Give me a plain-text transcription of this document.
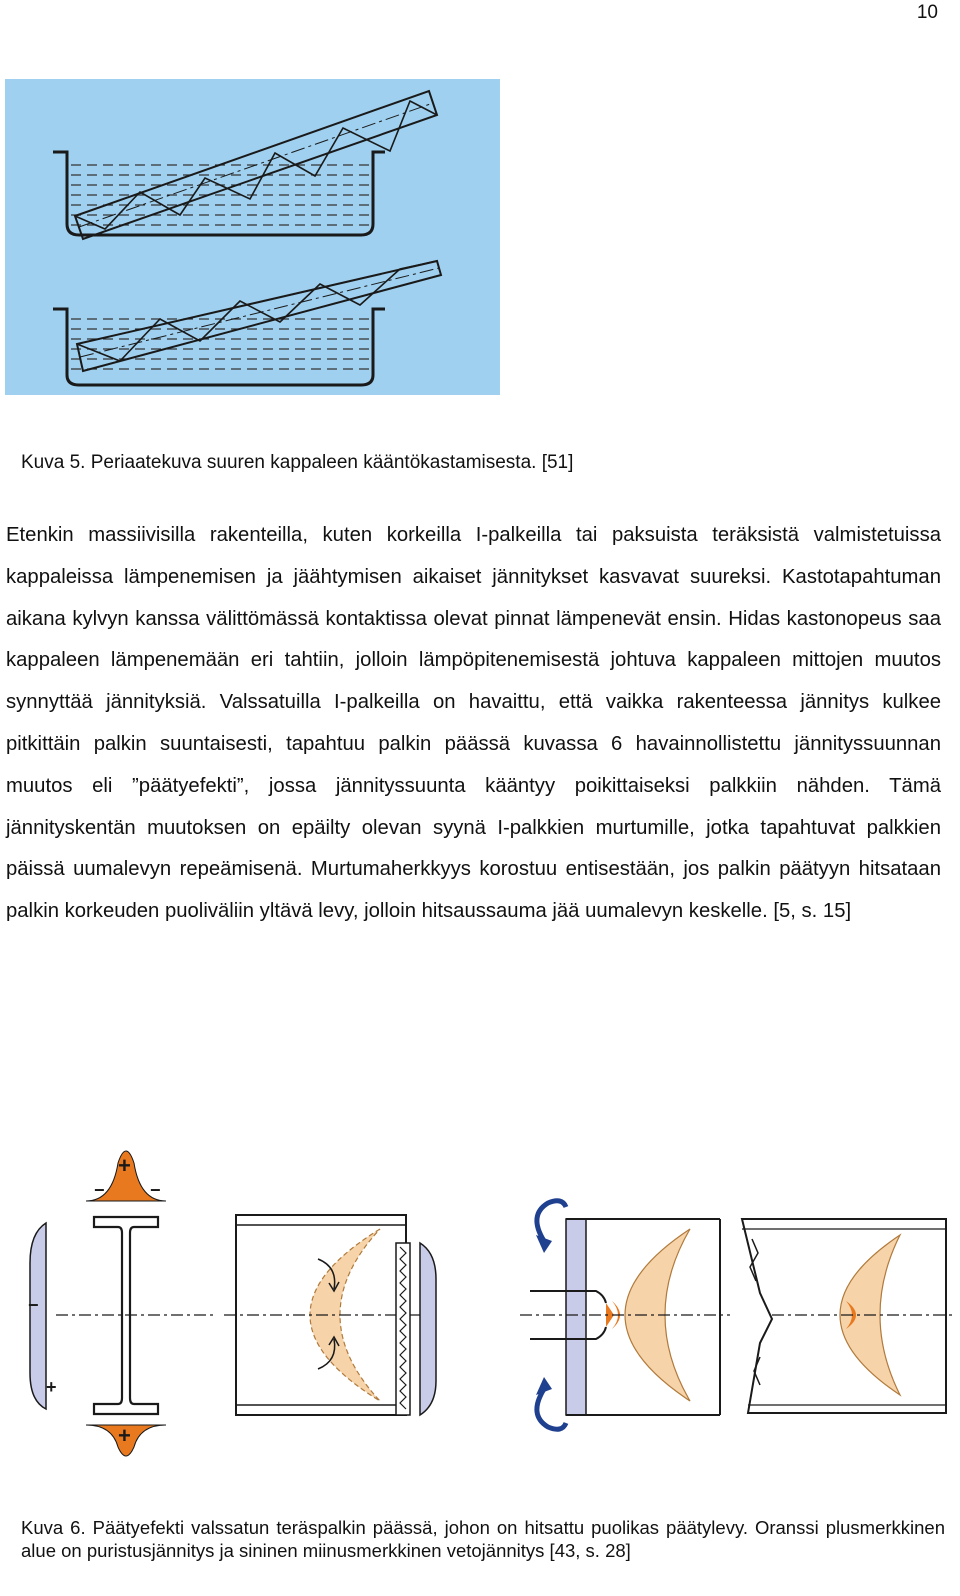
10
Kuva 5. Periaatekuva suuren kappaleen kääntökastamisesta. [51]

Etenkin massiivisilla rakenteilla, kuten korkeilla I-palkeilla tai paksuista teräksistä valmistetuissa kappaleissa lämpenemisen ja jäähtymisen aikaiset jännitykset kasvavat suureksi. Kastotapahtuman aikana kylvyn kanssa välittömässä kontaktissa olevat pinnat lämpenevät ensin. Hidas kastonopeus saa kappaleen lämpenemään eri tahtiin, jolloin lämpöpitenemisestä johtuva kappaleen mittojen muutos synnyttää jännityksiä. Valssatuilla I-palkeilla on havaittu, että vaikka rakenteessa jännitys kulkee pitkittäin palkin suuntaisesti, tapahtuu palkin päässä kuvassa 6 havainnollistettu jännityssuunnan muutos eli ”päätyefekti”, jossa jännityssuunta kääntyy poikittaiseksi palkkiin nähden. Tämä jännityskentän muutoksen on epäilty olevan syynä I-palkkien murtumille, jotka tapahtuvat palkkien päissä uumalevyn repeämisenä. Murtumaherkkyys korostuu entisestään, jos palkin päätyyn hitsataan palkin korkeuden puoliväliin yltävä levy, jolloin hitsaussauma jää uumalevyn keskelle. [5, s. 15]

+
−	−
−
+
+
Kuva 6. Päätyefekti valssatun teräspalkin päässä, johon on hitsattu puolikas päätylevy. Oranssi plusmerkkinen alue on puristusjännitys ja sininen miinusmerkkinen vetojännitys [43, s. 28]
